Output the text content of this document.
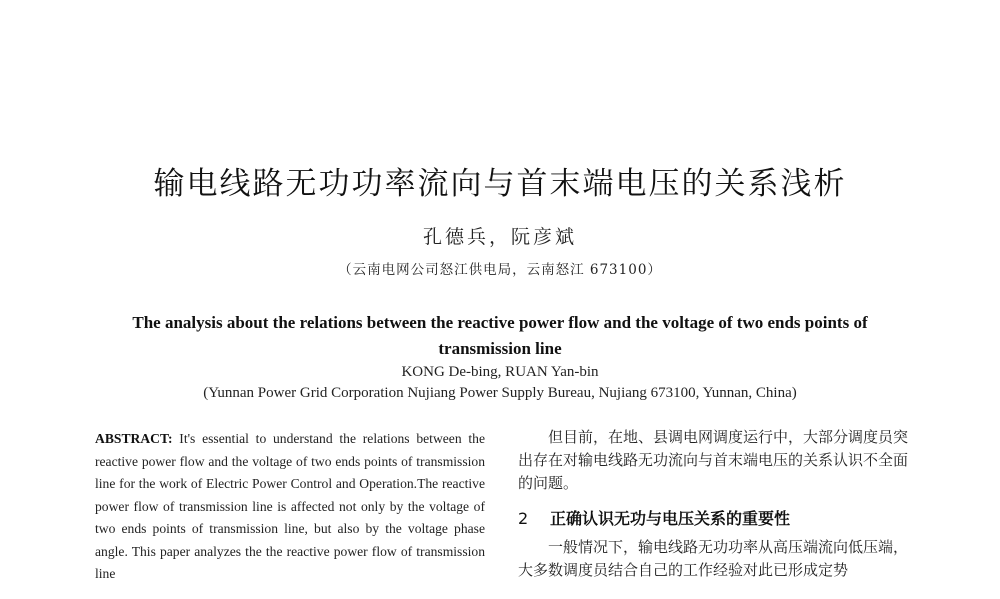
输电线路无功功率流向与首末端电压的关系浅析
孔德兵，阮彦斌
（云南电网公司怒江供电局，云南怒江 673100）
The analysis about the relations between the reactive power flow and the voltage of two ends points of transmission line
KONG De-bing, RUAN Yan-bin
(Yunnan Power Grid Corporation Nujiang Power Supply Bureau, Nujiang 673100, Yunnan, China)

ABSTRACT: It's essential to understand the relations between the reactive power flow and the voltage of two ends points of transmission line for the work of Electric Power Control and Operation.The reactive power flow of transmission line is affected not only by the voltage of two ends points of transmission line, but also by the voltage phase angle. This paper analyzes the the reactive power flow of transmission line

但目前，在地、县调电网调度运行中，大部分调度员突出存在对输电线路无功流向与首末端电压的关系认识不全面的问题。

2 正确认识无功与电压关系的重要性

一般情况下，输电线路无功功率从高压端流向低压端，大多数调度员结合自己的工作经验对此已形成定势
